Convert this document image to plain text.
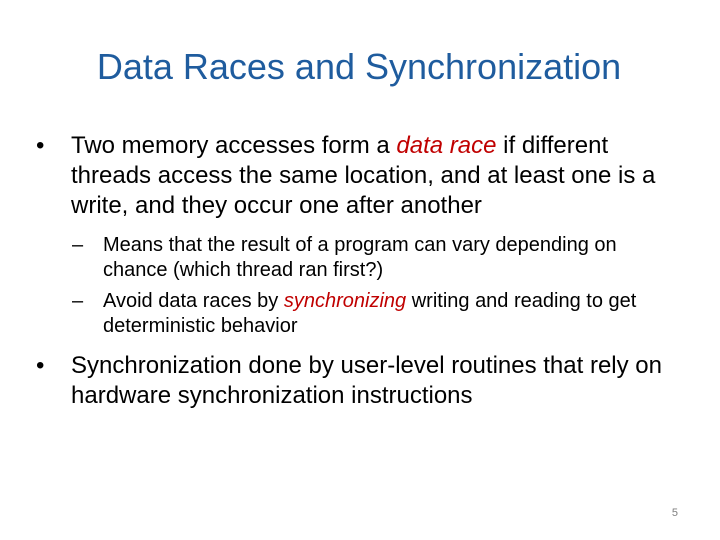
Data Races and Synchronization
• Two memory accesses form a data race if different threads access the same location, and at least one is a write, and they occur one after another
– Means that the result of a program can vary depending on chance (which thread ran first?)
– Avoid data races by synchronizing writing and reading to get deterministic behavior
• Synchronization done by user-level routines that rely on hardware synchronization instructions
5
